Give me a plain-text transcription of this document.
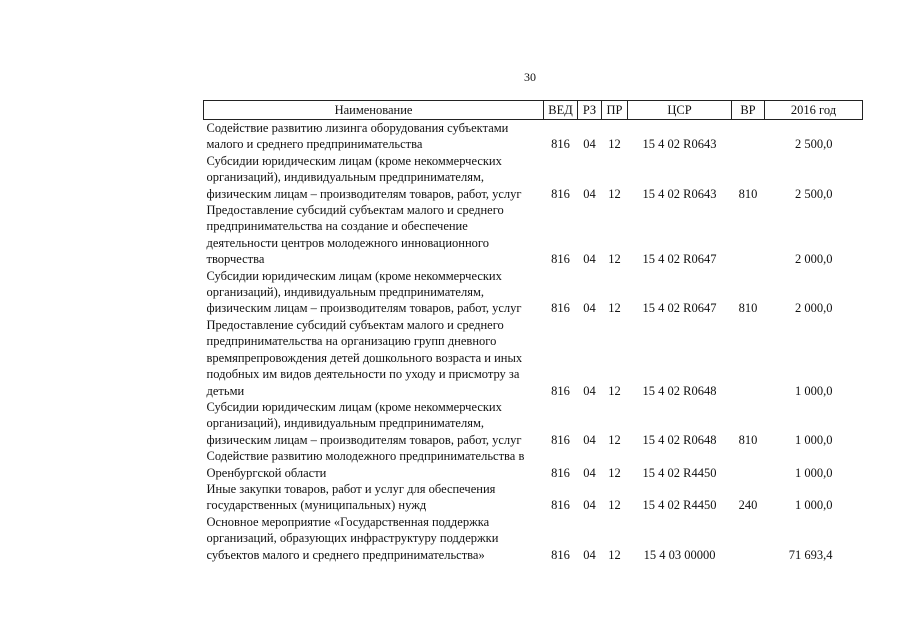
30
Наименование	ВЕД	РЗ	ПР	ЦСР	ВР	2016 год
Содействие развитию лизинга оборудования субъектами малого и среднего предпринимательства	816	04	12	15 4 02 R0643		2 500,0
Субсидии юридическим лицам (кроме некоммерческих организаций), индивидуальным предпринимателям, физическим лицам – производителям товаров, работ, услуг	816	04	12	15 4 02 R0643	810	2 500,0
Предоставление субсидий субъектам малого и среднего предпринимательства на создание и обеспечение деятельности центров молодежного инновационного творчества	816	04	12	15 4 02 R0647		2 000,0
Субсидии юридическим лицам (кроме некоммерческих организаций), индивидуальным предпринимателям, физическим лицам – производителям товаров, работ, услуг	816	04	12	15 4 02 R0647	810	2 000,0
Предоставление субсидий субъектам малого и среднего предпринимательства на организацию групп дневного времяпрепровождения детей дошкольного возраста и иных подобных им видов деятельности по уходу и присмотру за детьми	816	04	12	15 4 02 R0648		1 000,0
Субсидии юридическим лицам (кроме некоммерческих организаций), индивидуальным предпринимателям, физическим лицам – производителям товаров, работ, услуг	816	04	12	15 4 02 R0648	810	1 000,0
Содействие развитию молодежного предпринимательства в Оренбургской области	816	04	12	15 4 02 R4450		1 000,0
Иные закупки товаров, работ и услуг для обеспечения государственных (муниципальных) нужд	816	04	12	15 4 02 R4450	240	1 000,0
Основное мероприятие «Государственная поддержка организаций, образующих инфраструктуру поддержки субъектов малого и среднего предпринимательства»	816	04	12	15 4 03 00000		71 693,4
